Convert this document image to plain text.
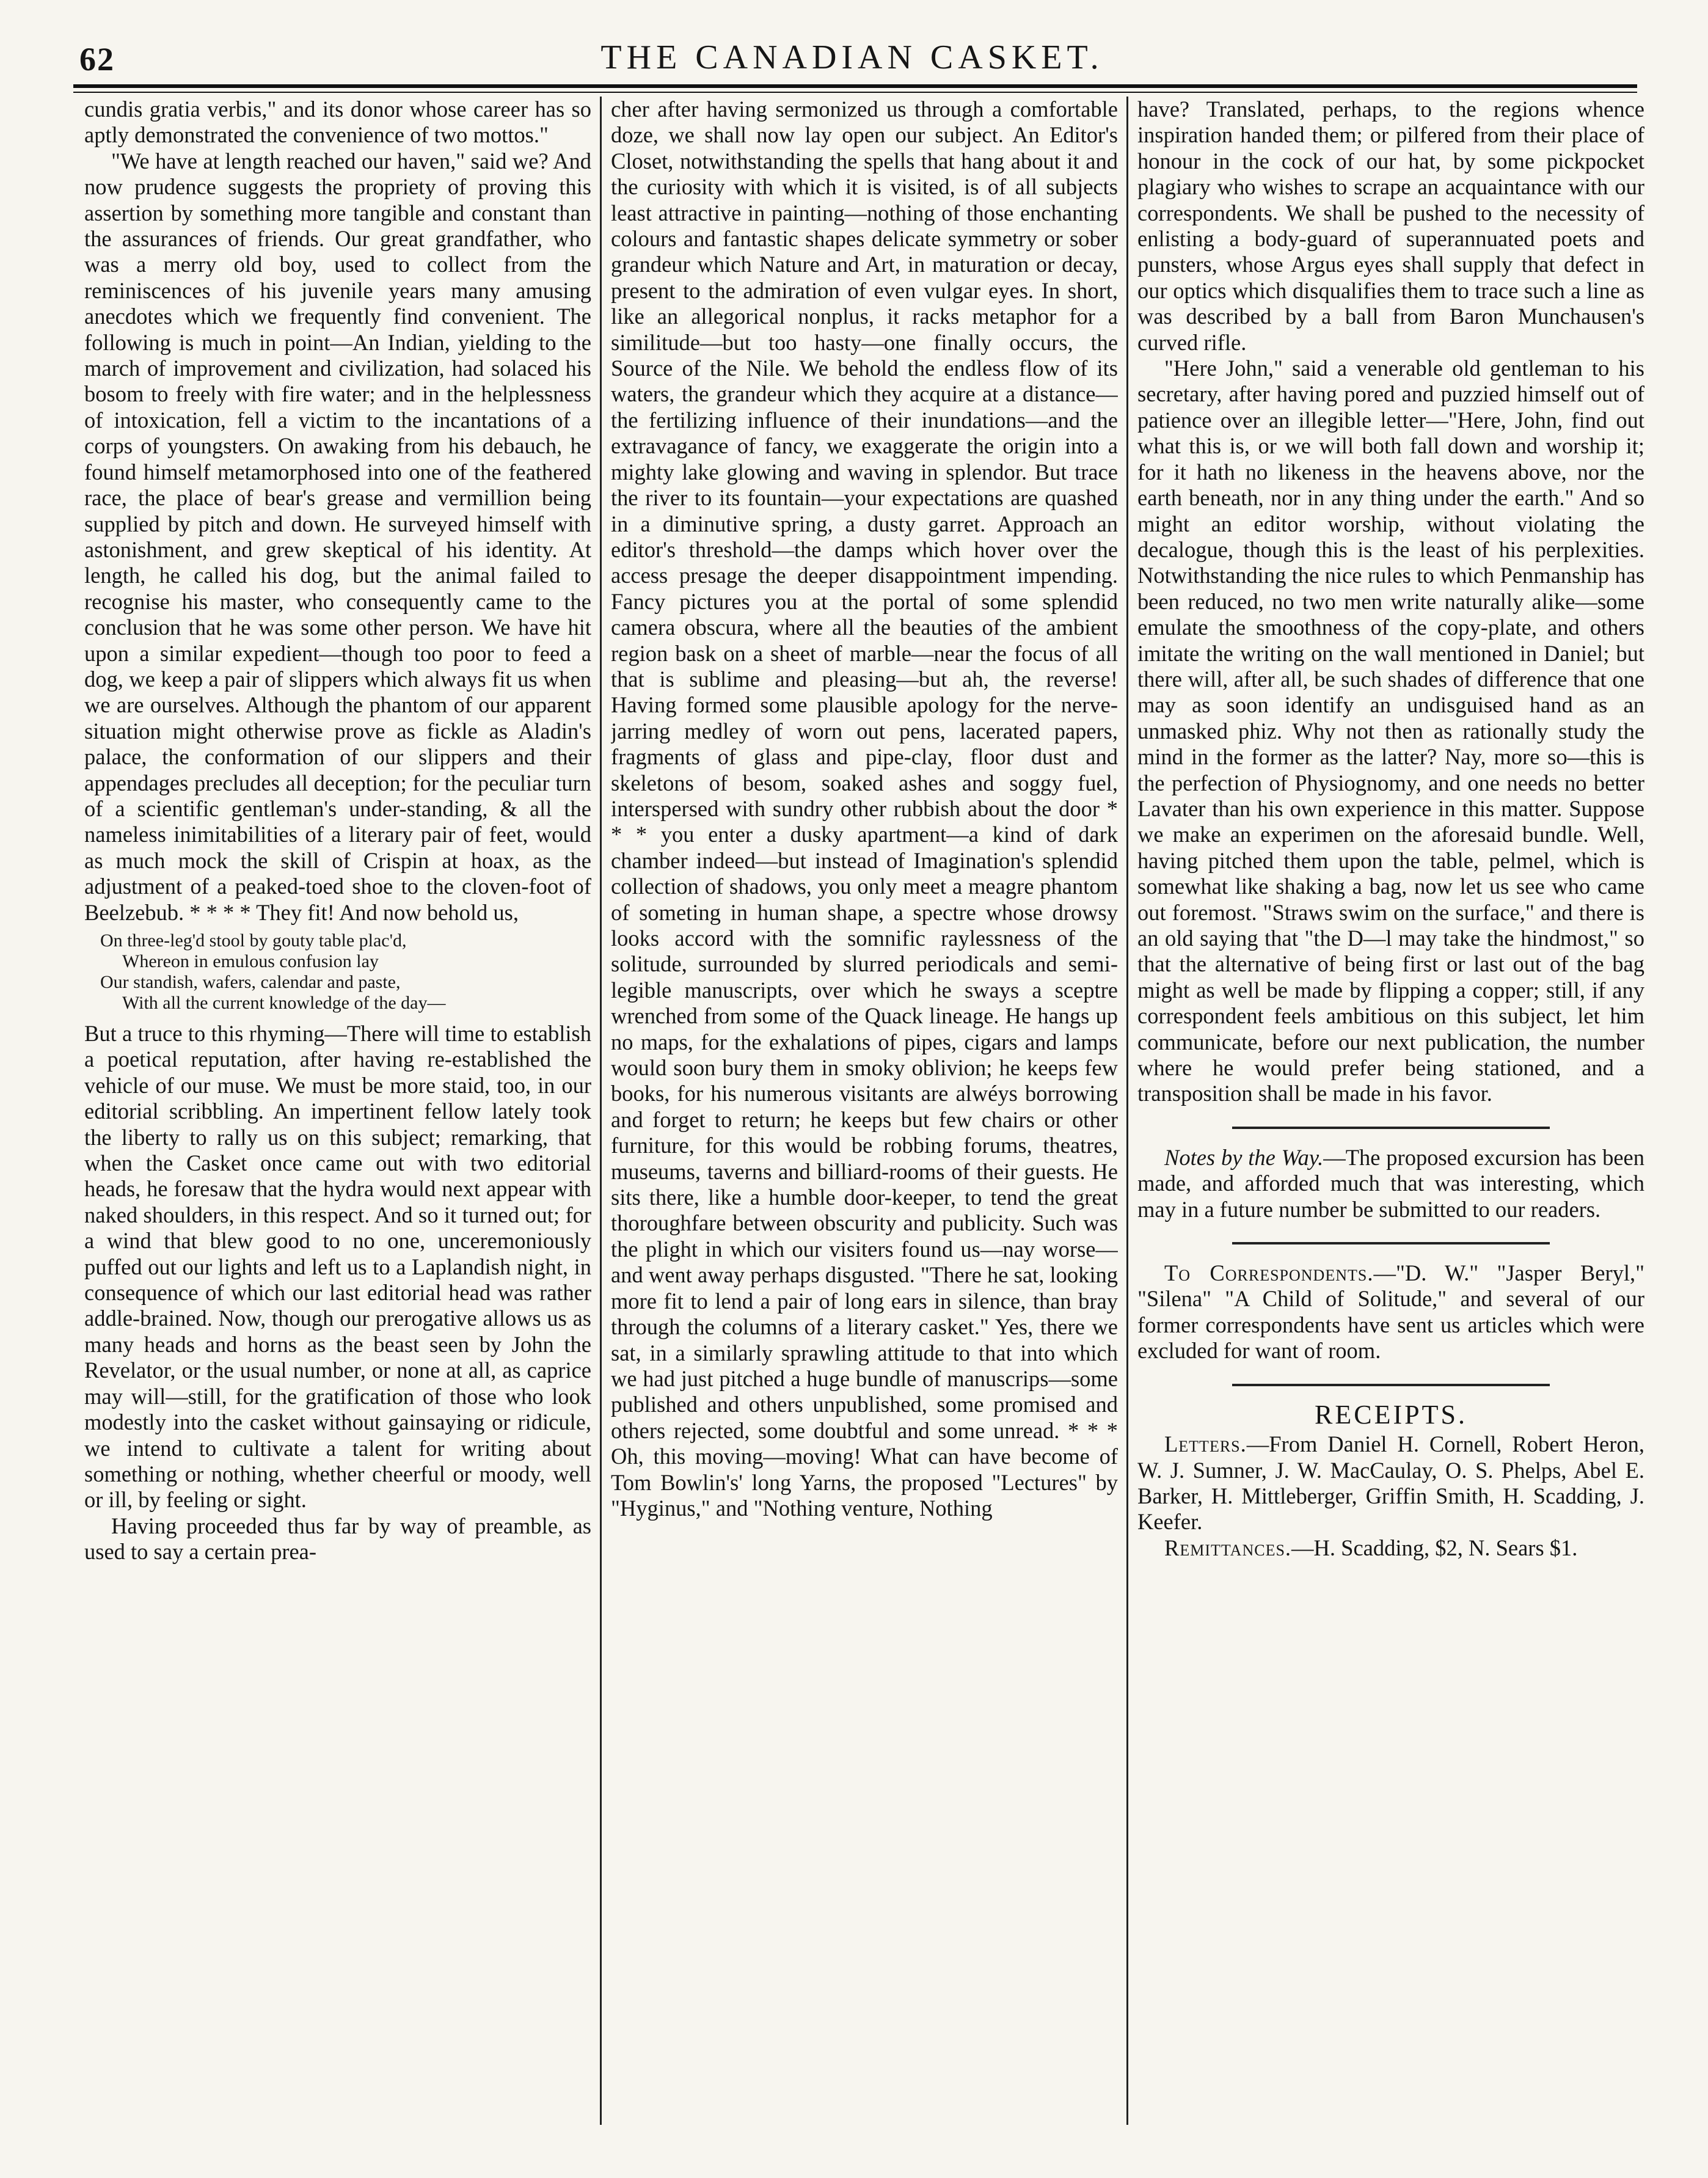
62	THE CANADIAN CASKET.

cundis gratia verbis," and its donor whose career has so aptly demonstrated the convenience of two mottos."

"We have at length reached our haven," said we? And now prudence suggests the propriety of proving this assertion by something more tangible and constant than the assurances of friends. Our great grandfather, who was a merry old boy, used to collect from the reminiscences of his juvenile years many amusing anecdotes which we frequently find convenient. The following is much in point—An Indian, yielding to the march of improvement and civilization, had solaced his bosom to freely with fire water; and in the helplessness of intoxication, fell a victim to the incantations of a corps of youngsters. On awaking from his debauch, he found himself metamorphosed into one of the feathered race, the place of bear's grease and vermillion being supplied by pitch and down. He surveyed himself with astonishment, and grew skeptical of his identity. At length, he called his dog, but the animal failed to recognise his master, who consequently came to the conclusion that he was some other person. We have hit upon a similar expedient—though too poor to feed a dog, we keep a pair of slippers which always fit us when we are ourselves. Although the phantom of our apparent situation might otherwise prove as fickle as Aladin's palace, the conformation of our slippers and their appendages precludes all deception; for the peculiar turn of a scientific gentleman's under-standing, & all the nameless inimitabilities of a literary pair of feet, would as much mock the skill of Crispin at hoax, as the adjustment of a peaked-toed shoe to the cloven-foot of Beelzebub. * * * * They fit! And now behold us,

On three-leg'd stool by gouty table plac'd,
Whereon in emulous confusion lay
Our standish, wafers, calendar and paste,
With all the current knowledge of the day—

But a truce to this rhyming—There will time to establish a poetical reputation, after having re-established the vehicle of our muse. We must be more staid, too, in our editorial scribbling. An impertinent fellow lately took the liberty to rally us on this subject; remarking, that when the Casket once came out with two editorial heads, he foresaw that the hydra would next appear with naked shoulders, in this respect. And so it turned out; for a wind that blew good to no one, unceremoniously puffed out our lights and left us to a Laplandish night, in consequence of which our last editorial head was rather addle-brained. Now, though our prerogative allows us as many heads and horns as the beast seen by John the Revelator, or the usual number, or none at all, as caprice may will—still, for the gratification of those who look modestly into the casket without gainsaying or ridicule, we intend to cultivate a talent for writing about something or nothing, whether cheerful or moody, well or ill, by feeling or sight.

Having proceeded thus far by way of preamble, as used to say a certain prea-

cher after having sermonized us through a comfortable doze, we shall now lay open our subject. An Editor's Closet, notwithstanding the spells that hang about it and the curiosity with which it is visited, is of all subjects least attractive in painting—nothing of those enchanting colours and fantastic shapes delicate symmetry or sober grandeur which Nature and Art, in maturation or decay, present to the admiration of even vulgar eyes. In short, like an allegorical nonplus, it racks metaphor for a similitude—but too hasty—one finally occurs, the Source of the Nile. We behold the endless flow of its waters, the grandeur which they acquire at a distance—the fertilizing influence of their inundations—and the extravagance of fancy, we exaggerate the origin into a mighty lake glowing and waving in splendor. But trace the river to its fountain—your expectations are quashed in a diminutive spring, a dusty garret. Approach an editor's threshold—the damps which hover over the access presage the deeper disappointment impending. Fancy pictures you at the portal of some splendid camera obscura, where all the beauties of the ambient region bask on a sheet of marble—near the focus of all that is sublime and pleasing—but ah, the reverse! Having formed some plausible apology for the nerve-jarring medley of worn out pens, lacerated papers, fragments of glass and pipe-clay, floor dust and skeletons of besom, soaked ashes and soggy fuel, interspersed with sundry other rubbish about the door * * * you enter a dusky apartment—a kind of dark chamber indeed—but instead of Imagination's splendid collection of shadows, you only meet a meagre phantom of someting in human shape, a spectre whose drowsy looks accord with the somnific raylessness of the solitude, surrounded by slurred periodicals and semi-legible manuscripts, over which he sways a sceptre wrenched from some of the Quack lineage. He hangs up no maps, for the exhalations of pipes, cigars and lamps would soon bury them in smoky oblivion; he keeps few books, for his numerous visitants are alwéys borrowing and forget to return; he keeps but few chairs or other furniture, for this would be robbing forums, theatres, museums, taverns and billiard-rooms of their guests. He sits there, like a humble door-keeper, to tend the great thoroughfare between obscurity and publicity. Such was the plight in which our visiters found us—nay worse—and went away perhaps disgusted. "There he sat, looking more fit to lend a pair of long ears in silence, than bray through the columns of a literary casket." Yes, there we sat, in a similarly sprawling attitude to that into which we had just pitched a huge bundle of manuscrips—some published and others unpublished, some promised and others rejected, some doubtful and some unread. * * * Oh, this moving—moving! What can have become of Tom Bowlin's' long Yarns, the proposed "Lectures" by "Hyginus," and "Nothing venture, Nothing

have? Translated, perhaps, to the regions whence inspiration handed them; or pilfered from their place of honour in the cock of our hat, by some pickpocket plagiary who wishes to scrape an acquaintance with our correspondents. We shall be pushed to the necessity of enlisting a body-guard of superannuated poets and punsters, whose Argus eyes shall supply that defect in our optics which disqualifies them to trace such a line as was described by a ball from Baron Munchausen's curved rifle.

"Here John," said a venerable old gentleman to his secretary, after having pored and puzzied himself out of patience over an illegible letter—"Here, John, find out what this is, or we will both fall down and worship it; for it hath no likeness in the heavens above, nor the earth beneath, nor in any thing under the earth." And so might an editor worship, without violating the decalogue, though this is the least of his perplexities. Notwithstanding the nice rules to which Penmanship has been reduced, no two men write naturally alike—some emulate the smoothness of the copy-plate, and others imitate the writing on the wall mentioned in Daniel; but there will, after all, be such shades of difference that one may as soon identify an undisguised hand as an unmasked phiz. Why not then as rationally study the mind in the former as the latter? Nay, more so—this is the perfection of Physiognomy, and one needs no better Lavater than his own experience in this matter. Suppose we make an experimen on the aforesaid bundle. Well, having pitched them upon the table, pelmel, which is somewhat like shaking a bag, now let us see who came out foremost. "Straws swim on the surface," and there is an old saying that "the D—l may take the hindmost," so that the alternative of being first or last out of the bag might as well be made by flipping a copper; still, if any correspondent feels ambitious on this subject, let him communicate, before our next publication, the number where he would prefer being stationed, and a transposition shall be made in his favor.

Notes by the Way.—The proposed excursion has been made, and afforded much that was interesting, which may in a future number be submitted to our readers.

To Correspondents.—"D. W." "Jasper Beryl," "Silena" "A Child of Solitude," and several of our former correspondents have sent us articles which were excluded for want of room.

RECEIPTS.

Letters.—From Daniel H. Cornell, Robert Heron, W. J. Sumner, J. W. MacCaulay, O. S. Phelps, Abel E. Barker, H. Mittleberger, Griffin Smith, H. Scadding, J. Keefer.

Remittances.—H. Scadding, $2, N. Sears $1.
